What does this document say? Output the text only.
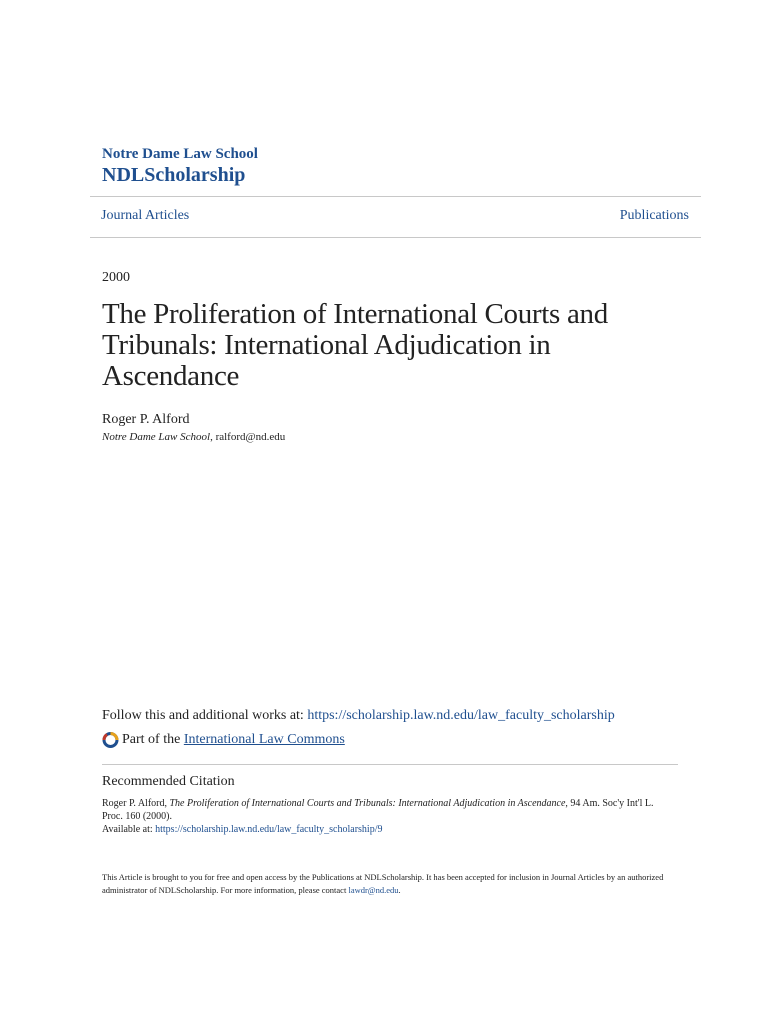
Notre Dame Law School
NDLScholarship
Journal Articles	Publications
2000
The Proliferation of International Courts and Tribunals: International Adjudication in Ascendance
Roger P. Alford
Notre Dame Law School, ralford@nd.edu
Follow this and additional works at: https://scholarship.law.nd.edu/law_faculty_scholarship
Part of the
International Law Commons
Recommended Citation
Roger P. Alford, The Proliferation of International Courts and Tribunals: International Adjudication in Ascendance, 94 Am. Soc'y Int'l L. Proc. 160 (2000).
Available at: https://scholarship.law.nd.edu/law_faculty_scholarship/9
This Article is brought to you for free and open access by the Publications at NDLScholarship. It has been accepted for inclusion in Journal Articles by an authorized administrator of NDLScholarship. For more information, please contact lawdr@nd.edu.
